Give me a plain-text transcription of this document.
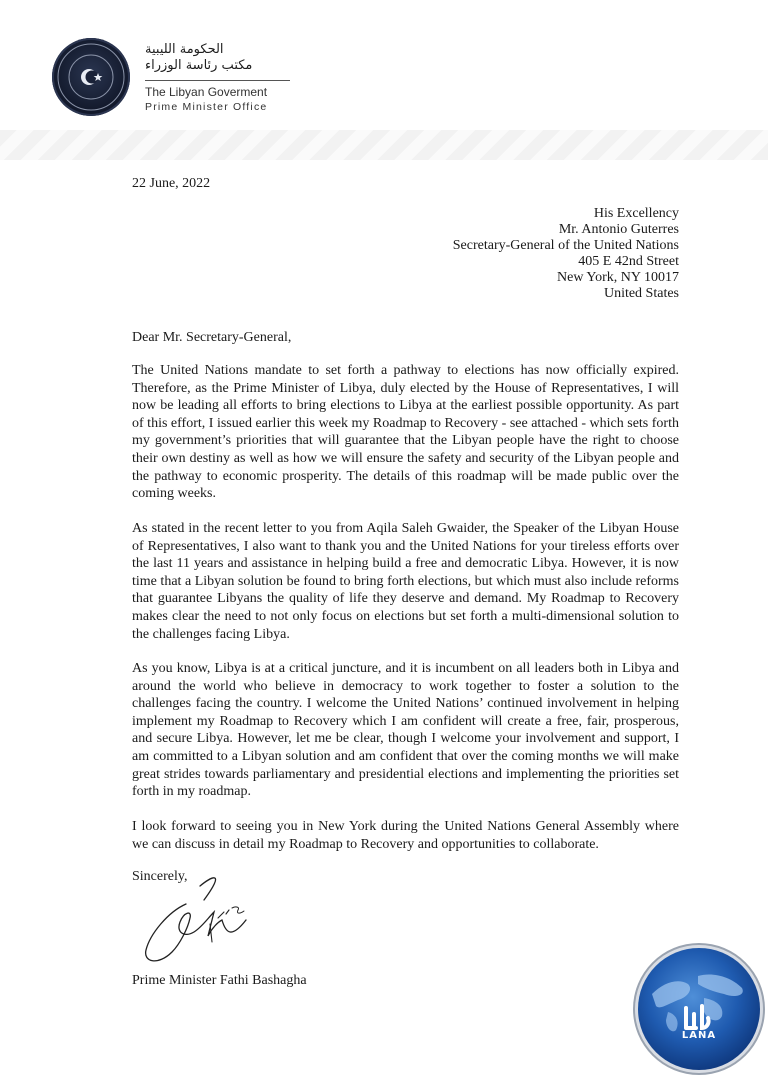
الحكومة الليبية
مكتب رئاسة الوزراء
The Libyan Goverment
Prime Minister Office
22 June, 2022
His Excellency
Mr. Antonio Guterres
Secretary-General of the United Nations
405 E 42nd Street
New York, NY 10017
United States
Dear Mr. Secretary-General,

The United Nations mandate to set forth a pathway to elections has now officially expired. Therefore, as the Prime Minister of Libya, duly elected by the House of Representatives, I will now be leading all efforts to bring elections to Libya at the earliest possible opportunity. As part of this effort, I issued earlier this week my Roadmap to Recovery - see attached - which sets forth my government’s priorities that will guarantee that the Libyan people have the right to choose their own destiny as well as how we will ensure the safety and security of the Libyan people and the pathway to economic prosperity. The details of this roadmap will be made public over the coming weeks.

As stated in the recent letter to you from Aqila Saleh Gwaider, the Speaker of the Libyan House of Representatives, I also want to thank you and the United Nations for your tireless efforts over the last 11 years and assistance in helping build a free and democratic Libya. However, it is now time that a Libyan solution be found to bring forth elections, but which must also include reforms that guarantee Libyans the quality of life they deserve and demand. My Roadmap to Recovery makes clear the need to not only focus on elections but set forth a multi-dimensional solution to the challenges facing Libya.

As you know, Libya is at a critical juncture, and it is incumbent on all leaders both in Libya and around the world who believe in democracy to work together to foster a solution to the challenges facing the country. I welcome the United Nations’ continued involvement in helping implement my Roadmap to Recovery which I am confident will create a free, fair, prosperous, and secure Libya. However, let me be clear, though I welcome your involvement and support, I am committed to a Libyan solution and am confident that over the coming months we will make great strides towards parliamentary and presidential elections and implementing the priorities set forth in my roadmap.

I look forward to seeing you in New York during the United Nations General Assembly where we can discuss in detail my Roadmap to Recovery and opportunities to collaborate.

Sincerely,
Prime Minister Fathi Bashagha
LANA
